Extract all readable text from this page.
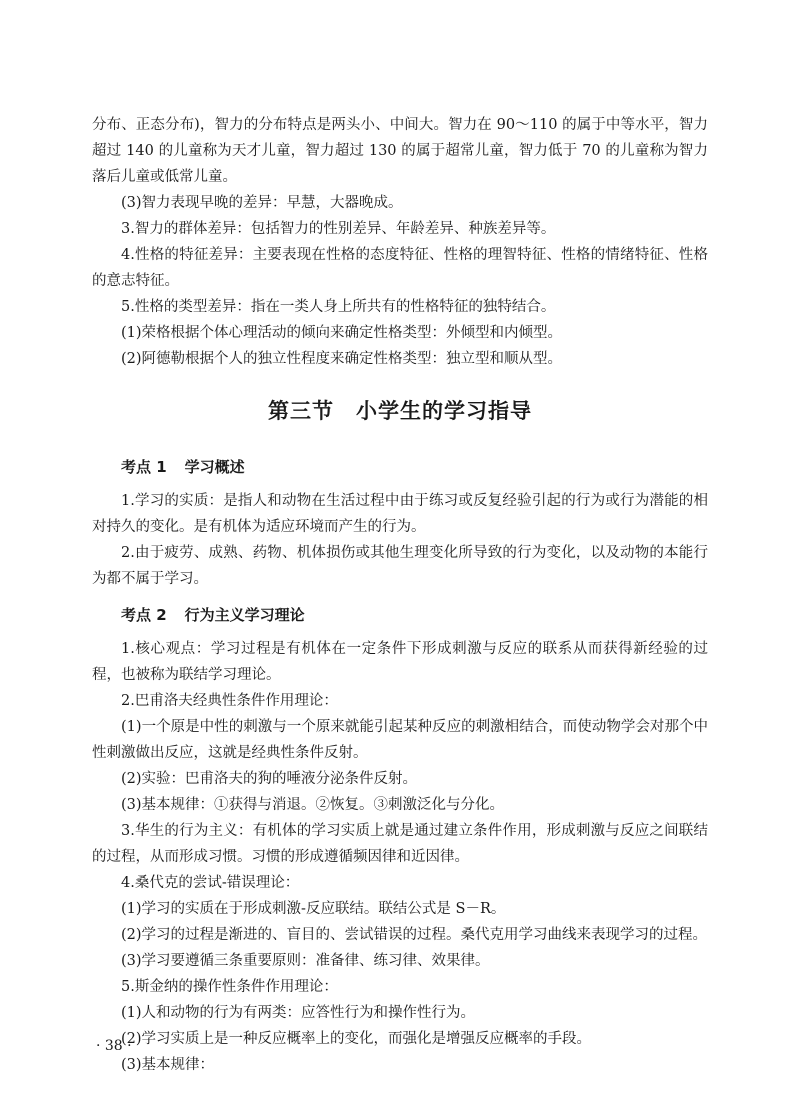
分布、正态分布)，智力的分布特点是两头小、中间大。智力在 90～110 的属于中等水平，智力超过 140 的儿童称为天才儿童，智力超过 130 的属于超常儿童，智力低于 70 的儿童称为智力落后儿童或低常儿童。

(3)智力表现早晚的差异：早慧，大器晚成。

3.智力的群体差异：包括智力的性别差异、年龄差异、种族差异等。

4.性格的特征差异：主要表现在性格的态度特征、性格的理智特征、性格的情绪特征、性格的意志特征。

5.性格的类型差异：指在一类人身上所共有的性格特征的独特结合。

(1)荣格根据个体心理活动的倾向来确定性格类型：外倾型和内倾型。

(2)阿德勒根据个人的独立性程度来确定性格类型：独立型和顺从型。

第三节　小学生的学习指导
考点 1 学习概述

1.学习的实质：是指人和动物在生活过程中由于练习或反复经验引起的行为或行为潜能的相对持久的变化。是有机体为适应环境而产生的行为。

2.由于疲劳、成熟、药物、机体损伤或其他生理变化所导致的行为变化，以及动物的本能行为都不属于学习。

考点 2 行为主义学习理论

1.核心观点：学习过程是有机体在一定条件下形成刺激与反应的联系从而获得新经验的过程，也被称为联结学习理论。

2.巴甫洛夫经典性条件作用理论：

(1)一个原是中性的刺激与一个原来就能引起某种反应的刺激相结合，而使动物学会对那个中性刺激做出反应，这就是经典性条件反射。

(2)实验：巴甫洛夫的狗的唾液分泌条件反射。

(3)基本规律：①获得与消退。②恢复。③刺激泛化与分化。

3.华生的行为主义：有机体的学习实质上就是通过建立条件作用，形成刺激与反应之间联结的过程，从而形成习惯。习惯的形成遵循频因律和近因律。

4.桑代克的尝试-错误理论：

(1)学习的实质在于形成刺激-反应联结。联结公式是 S－R。

(2)学习的过程是渐进的、盲目的、尝试错误的过程。桑代克用学习曲线来表现学习的过程。

(3)学习要遵循三条重要原则：准备律、练习律、效果律。

5.斯金纳的操作性条件作用理论：

(1)人和动物的行为有两类：应答性行为和操作性行为。

(2)学习实质上是一种反应概率上的变化，而强化是增强反应概率的手段。

(3)基本规律：

· 38 ·
